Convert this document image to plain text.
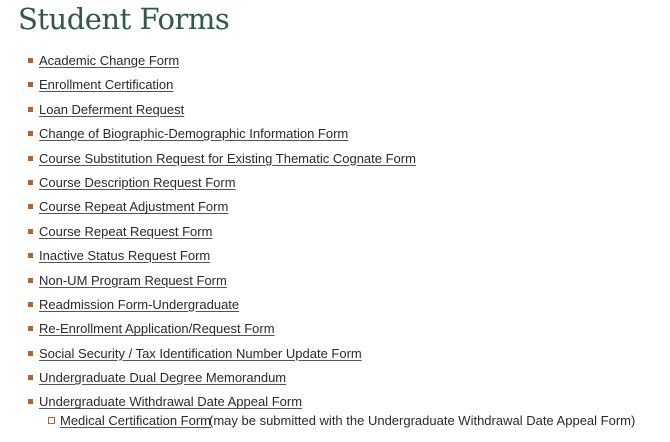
Student Forms
Academic Change Form
Enrollment Certification
Loan Deferment Request
Change of Biographic-Demographic Information Form
Course Substitution Request for Existing Thematic Cognate Form
Course Description Request Form
Course Repeat Adjustment Form
Course Repeat Request Form
Inactive Status Request Form
Non-UM Program Request Form
Readmission Form-Undergraduate
Re-Enrollment Application/Request Form
Social Security / Tax Identification Number Update Form
Undergraduate Dual Degree Memorandum
Undergraduate Withdrawal Date Appeal Form
Medical Certification Form
(may be submitted with the Undergraduate Withdrawal Date Appeal Form)
